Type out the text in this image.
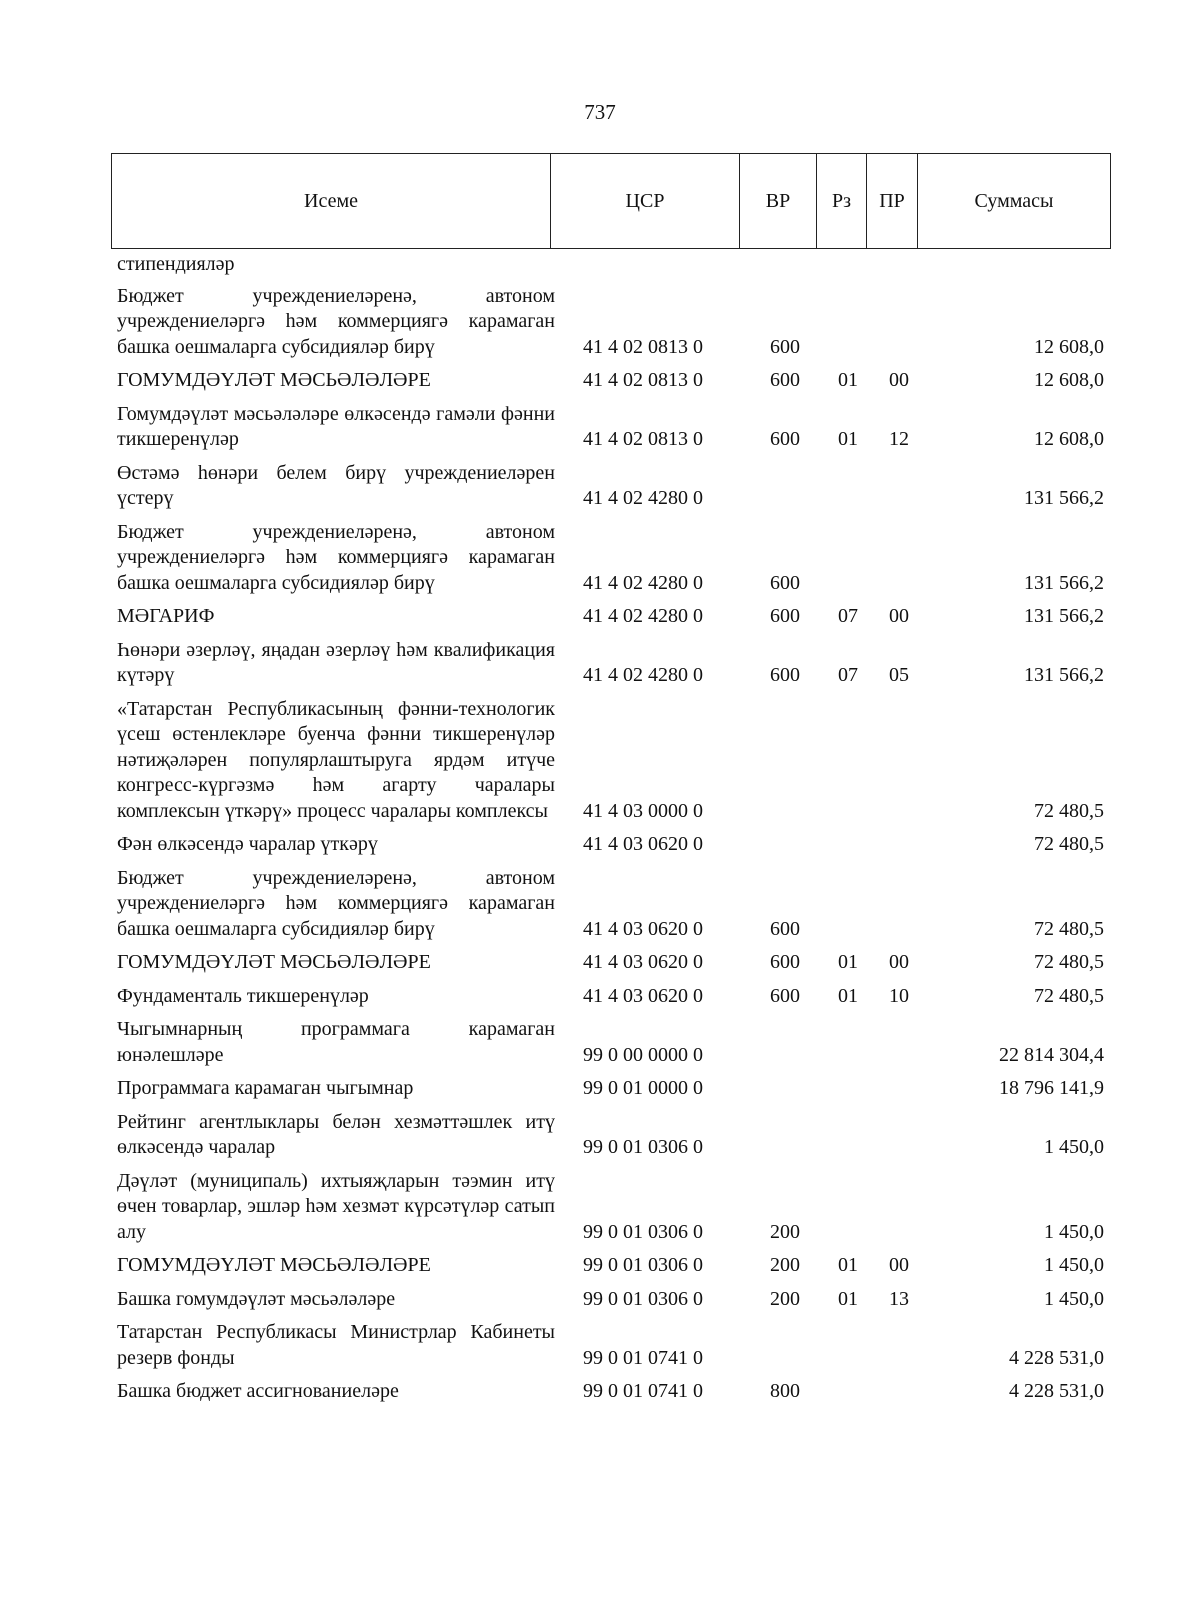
737
Исеме	ЦСР	ВР	Рз	ПР	Суммасы
стипендияләр
Бюджет учреждениеләренә, автоном учреждениеләргә һәм коммерциягә карамаган башка оешмаларга субсидияләр бирү	41 4 02 0813 0	600	12 608,0
ГОМУМДӘҮЛӘТ МӘСЬӘЛӘЛӘРЕ	41 4 02 0813 0	600 01 00	12 608,0
Гомумдәүләт мәсьәләләре өлкәсендә гамәли фәнни тикшеренүләр	41 4 02 0813 0	600 01 12	12 608,0
Өстәмә һөнәри белем бирү учреждениеләрен үстерү	41 4 02 4280 0	131 566,2
Бюджет учреждениеләренә, автоном учреждениеләргә һәм коммерциягә карамаган башка оешмаларга субсидияләр бирү	41 4 02 4280 0	600	131 566,2
МӘГАРИФ	41 4 02 4280 0	600 07 00	131 566,2
Һөнәри әзерләү, яңадан әзерләү һәм квалификация күтәрү	41 4 02 4280 0	600 07 05	131 566,2
«Татарстан Республикасының фәнни-технологик үсеш өстенлекләре буенча фәнни тикшеренүләр нәтиҗәләрен популярлаштыруга ярдәм итүче конгресс-күргәзмә һәм агарту чаралары комплексын үткәрү» процесс чаралары комплексы	41 4 03 0000 0	72 480,5
Фән өлкәсендә чаралар үткәрү	41 4 03 0620 0	72 480,5
Бюджет учреждениеләренә, автоном учреждениеләргә һәм коммерциягә карамаган башка оешмаларга субсидияләр бирү	41 4 03 0620 0	600	72 480,5
ГОМУМДӘҮЛӘТ МӘСЬӘЛӘЛӘРЕ	41 4 03 0620 0	600 01 00	72 480,5
Фундаменталь тикшеренүләр	41 4 03 0620 0	600 01 10	72 480,5
Чыгымнарның программага карамаган юнәлешләре	99 0 00 0000 0	22 814 304,4
Программага карамаган чыгымнар	99 0 01 0000 0	18 796 141,9
Рейтинг агентлыклары белән хезмәттәшлек итү өлкәсендә чаралар	99 0 01 0306 0	1 450,0
Дәүләт (муниципаль) ихтыяҗларын тәэмин итү өчен товарлар, эшләр һәм хезмәт күрсәтүләр сатып алу	99 0 01 0306 0	200	1 450,0
ГОМУМДӘҮЛӘТ МӘСЬӘЛӘЛӘРЕ	99 0 01 0306 0	200 01 00	1 450,0
Башка гомумдәүләт мәсьәләләре	99 0 01 0306 0	200 01 13	1 450,0
Татарстан Республикасы Министрлар Кабинеты резерв фонды	99 0 01 0741 0	4 228 531,0
Башка бюджет ассигнованиеләре	99 0 01 0741 0	800	4 228 531,0
